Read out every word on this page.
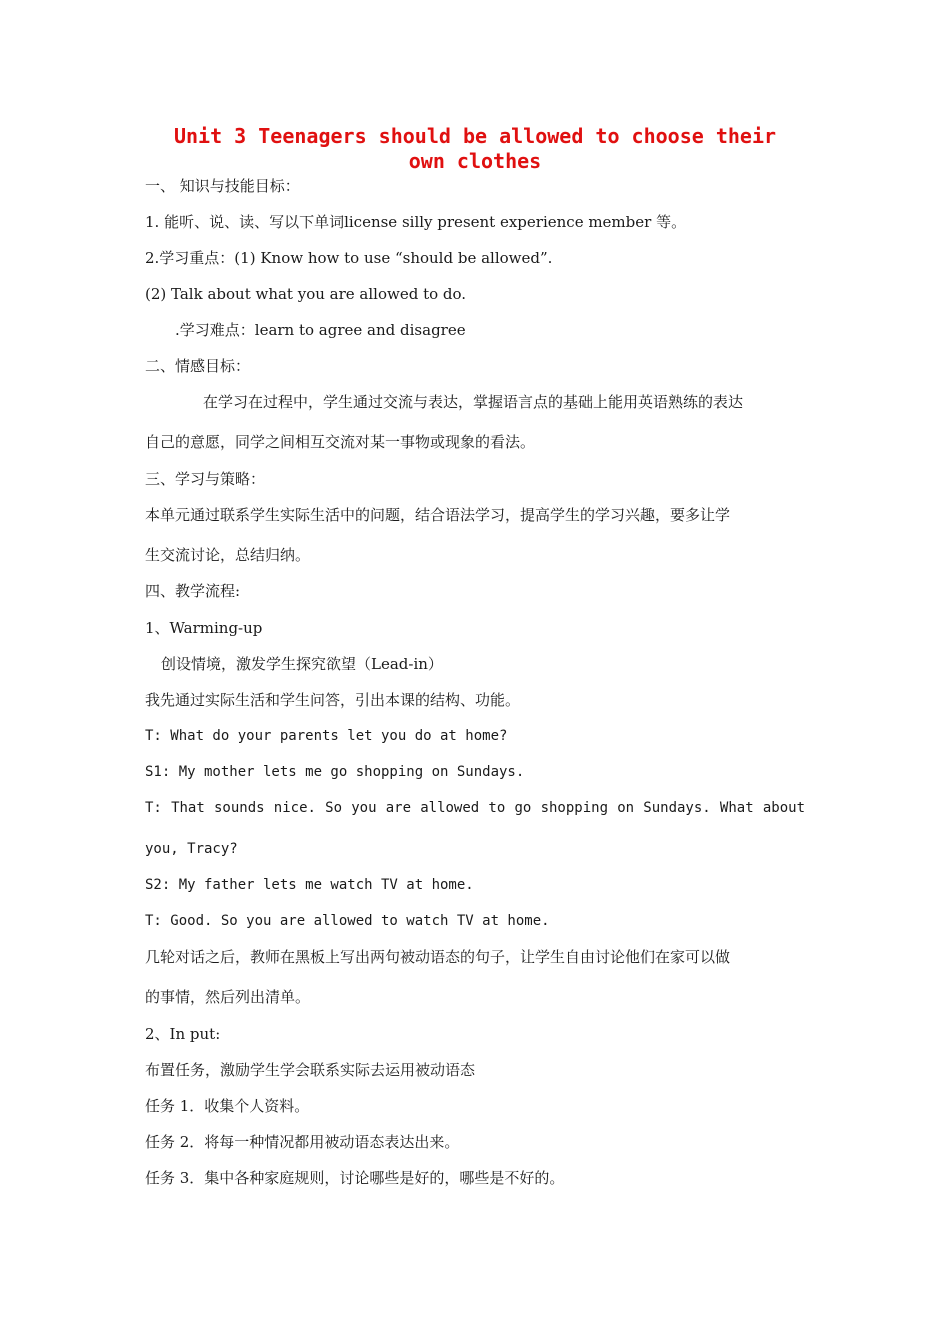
Unit 3 Teenagers should be allowed to choose their own clothes
一、 知识与技能目标：
1. 能听、说、读、写以下单词license silly present experience member 等。
2.学习重点：(1) Know how to use “should be allowed”.
(2) Talk about what you are allowed to do.
.学习难点：learn to agree and disagree
二、情感目标：
在学习在过程中，学生通过交流与表达，掌握语言点的基础上能用英语熟练的表达
自己的意愿，同学之间相互交流对某一事物或现象的看法。
三、学习与策略：
本单元通过联系学生实际生活中的问题，结合语法学习，提高学生的学习兴趣，要多让学
生交流讨论，总结归纳。
四、教学流程:
1、Warming-up
创设情境，激发学生探究欲望（Lead-in）
我先通过实际生活和学生问答，引出本课的结构、功能。
T: What do your parents let you do at home?
S1: My mother lets me go shopping on Sundays.
T: That sounds nice. So you are allowed to go shopping on Sundays. What about
you, Tracy?
S2: My father lets me watch TV at home.
T: Good. So you are allowed to watch TV at home.
几轮对话之后，教师在黑板上写出两句被动语态的句子，让学生自由讨论他们在家可以做
的事情，然后列出清单。
2、In put:
布置任务，激励学生学会联系实际去运用被动语态
任务 1．收集个人资料。
任务 2．将每一种情况都用被动语态表达出来。
任务 3．集中各种家庭规则，讨论哪些是好的，哪些是不好的。
